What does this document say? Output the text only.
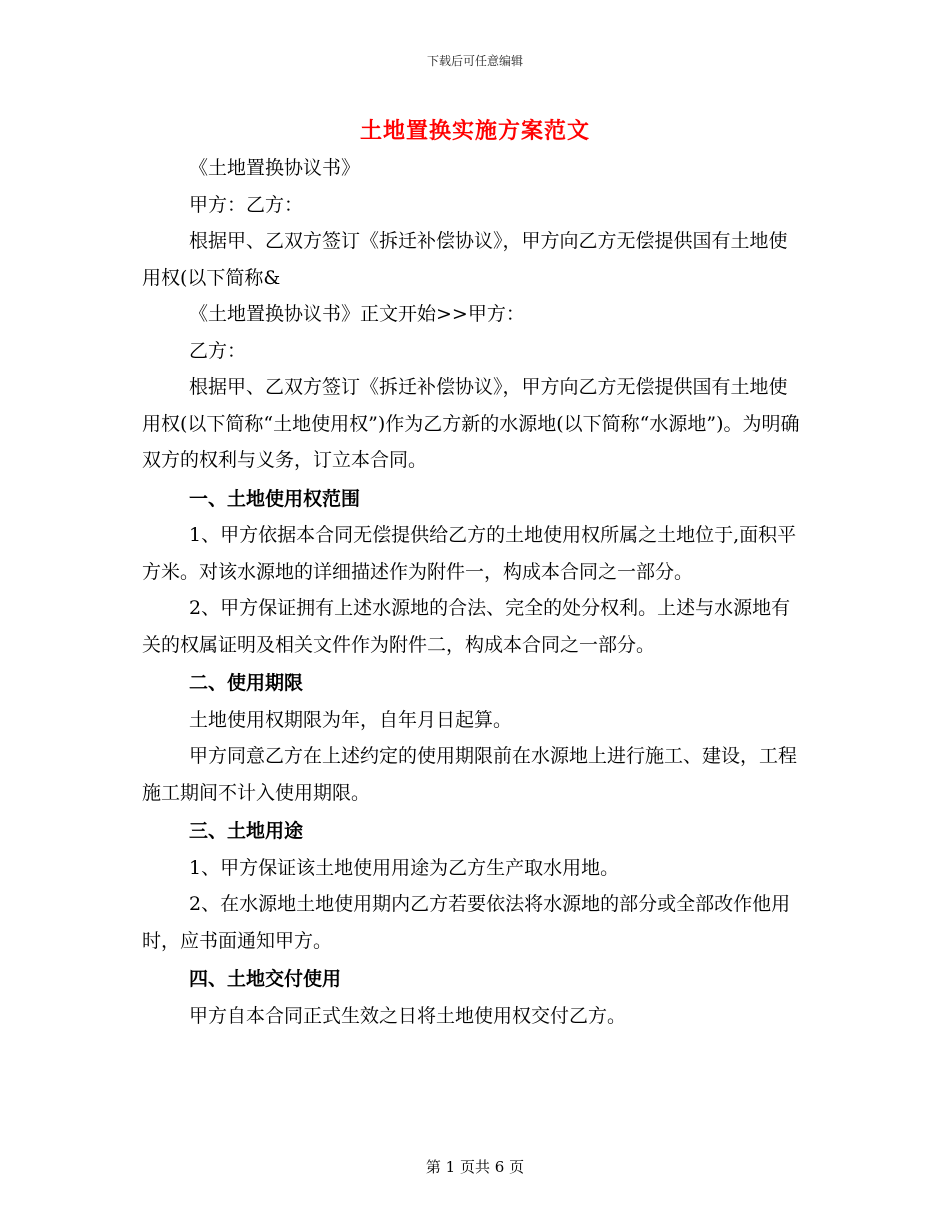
下载后可任意编辑
土地置换实施方案范文

《土地置换协议书》

甲方：乙方：

根据甲、乙双方签订《拆迁补偿协议》，甲方向乙方无偿提供国有土地使用权(以下简称&

《土地置换协议书》正文开始>>甲方：

乙方：

根据甲、乙双方签订《拆迁补偿协议》，甲方向乙方无偿提供国有土地使用权(以下简称“土地使用权”)作为乙方新的水源地(以下简称“水源地”)。为明确双方的权利与义务，订立本合同。

一、土地使用权范围

1、甲方依据本合同无偿提供给乙方的土地使用权所属之土地位于,面积平方米。对该水源地的详细描述作为附件一，构成本合同之一部分。

2、甲方保证拥有上述水源地的合法、完全的处分权利。上述与水源地有关的权属证明及相关文件作为附件二，构成本合同之一部分。

二、使用期限

土地使用权期限为年，自年月日起算。

甲方同意乙方在上述约定的使用期限前在水源地上进行施工、建设，工程施工期间不计入使用期限。

三、土地用途

1、甲方保证该土地使用用途为乙方生产取水用地。

2、在水源地土地使用期内乙方若要依法将水源地的部分或全部改作他用时，应书面通知甲方。

四、土地交付使用

甲方自本合同正式生效之日将土地使用权交付乙方。

第 1 页共 6 页
